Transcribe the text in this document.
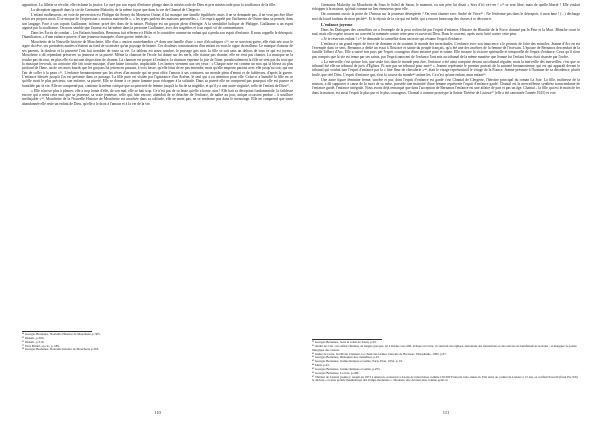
apparition. La fillette se révolte, elle réclame la justice. Le curé par son esprit d'enfance plonge dans la miséricorde de Dieu et prie miséricorde pour la souffrance de la fille.

La déception apparaît dans la vie de Germaine Malorthy de la même façon que dans la vie de Chantal de Clergerie.

L'enfant malheureux, en voie de perversion est Philippe dit Steeny du Monsieur Ouine, il lui manque une famille équilibrée, mais il ne se demande pas, il ne veut pas être libre selon ses propres mots. Il se moque de l'expression « maison maternelle », « les types parlent des maisons paternelles ». Cet esprit appelé par l'influence de Ouine dans sa pensée, dans son langage. Face à son copain Guillaume, infirme, privé des dons de la nature, Philippe est un garçon plein d'énergie. A la sensibilité ludique de Philippe, Guillaume a un esprit aiguisé par la souffrance. On nous semble que l'auteur est lui-même dans la personne Guillaume, avec des tragédies et à un esprit vif de commentaires.

Dans les Écrits de combat – Les Enfants humiliés, Bernanos fait référence à Hitler et le considère comme un enfant qui a perdu son esprit d'enfance. Il nous rappelle le désespoir, l'humiliation, « d'une enfance pauvre, d'une jeunesse manquée, d'une guerre imbécile ».

Mouchette de la Nouvelle histoire de Mouchette, fille d'un « ancien contrebandier »³⁴ dans une famille d'une « race d'alcooliques »³⁵, ne se souvient guère, elle était née sous le signe du rêve, ses premières années n'étaient au fond de sa misère qu'un paysage de brume. Ces douleurs connaissaient d'un enfant en vous le signe du malheur. Le manque d'amour de ses parents, la douleur et la pauvreté l'ont fait trembler de toute sa vie. Le tableau est assez sombre, le paysage gris noir, la fille se sait sans un dehors de tous ce qui est joyeux. Mouchette a dû cependant préserver sa jeunesse et sa pureté. Même la chanson de l'école lui donne sur les nerfs, elle n'aime pas chanter, elle ne veut pas chanter. La musique ne la touche pas du tout, en plus elle n'a aucune disposition de chanter. La chanson est propre à l'enfance, la chanson exprime la joie de l'âme, paradoxalement la fille ne sent pas du tout que la musique ferveuls, au contraire elle fait toute musique, d'une haine farouche, implacable. Les larmes viennent aux ses yeux : « Chaque note est comme un mot qui la blesse au plus profond de l'âme, un de ces mots lourds que les garçons lui jettent en passant, à voix basse, qu'elle feint de ne pas entendre, mais qu'elle emporte partout avec elle jusqu'au soir, qui ont l'air de coller à la peau »³⁶. L'enfance bernanosienne pas les rêves d'un monde qui ne peut offrir l'amour à ses créatures, un monde plein d'ennui et de faiblesses, d'après la guerre. L'enfance blessée jusqu'à l'os est présente dans ce passage. La fille pure est visitée par l'ignorance d'un Arsène, le seul qui a eu attention pour elle. Celui-ci a humilié la fille en ce qu'elle avait le plus précieux, son enfance, sa pureté. Elle se donne à ce jeune homme pour échapper à la solitude. Dans sa pureté elle ne comprend pas pourquoi elle est pauvre et humiliée par la vie. Elle ne comprend pas, continue la même critique que sa pauvreté de femme jusqu'à la fin de sa tragédie, et qu'il y a une autre virginité, celle de l'enfant de Dieu³⁷.

« Elle n'arrive plus à pleurer, elle a trop honte d'elle, de son mal, elle se hait trop. Ce n'est pas de sa faute qu'elle a honte, non ! Elle hait sa déception fondamentale, la faiblesse encore qui a senti cette nuit que sa jeunesse, sa vraie jeunesse, celle qui, hier encore, attendait de se détacher de l'enfance, de naître au jour, unique occasion perdue – à souillure ineffaçable »³⁸. Mouchette de la Nouvelle Histoire de Mouchette est arrachée dans sa solitude, elle ne ment pas, ne se renferme pas dans le mensonge. Elle ne comprend que toute abandonnée elle reste un enfant de Dieu, qu'elle a le droit à l'amour et à la vie de la vie.

³⁴ Georges Bernanos, Nouvelle Histoire de Mouchette, p.305.

³⁵ Ibidem., p.306.

³⁶ Ibidem., p.310.

³⁷ Yves Bridel, op.cit., p. 189.

³⁸ Georges Bernanos, Nouvelle histoire de Mouchette p.318.

110

Germaine Malorthy ou Mouchette du Sous le Soleil de Satan, le moment, ou son père lui disait « Sors d'ici va-t-en ! »³⁹ se sent libre, mais de quelle liberté ? Elle voulait échapper à la maison, qu'était comme un lieu ennuyeux pour elle.

On comment ouvrir la porte de l'Amour sur la jeunesse désespérée ? On veut chanter avec André de Vries⁴⁰ : Ne l'enferme pas dans le désespoir, ô mon âme ! (...) décharge moi du lourd fardeau de mon péché⁴¹. Et le réjouit de la vie qui est belle, qui a encore beaucoup des choses à te découvrir.

L'enfance joyeuse

Dans les Dialogues des carmélites on a l'exemple de la peur recherché par l'esprit d'enfance. Histoire de Blanche de la Force dominé par la Peur et la Mort. Blanche court le mal, mais elle espère trouver au couvent la nommée contre cette peur et survivait Dieu. Dans le couvent, après avoir lutté contre cette peur.

« Je te réservais enfant ! »⁴² Je demande la carmélite dans un texte qui résume l'esprit d'enfance.

L'enfance a un grand esprit de force de dominer et de soutenir le monde des incertitudes. L'enfance avec son innocence a le pouvoir de faire des miracles. Jeanne d'Arc en est l'exemple dans ce sens. Bernanos a dédié un essai à l'histoire et sainte du peuple français, qu'a été une des ancêtres de la femme de l'écrivain. L'épouse de Bernanos descendait de la famille Talbert d'Arc. Elle a sauvé son pays par l'esprit courageux d'une enfance pure et sainte. Elle incarne la victoire spirituelle et temporelle de l'esprit d'enfance. Ceux qu'il n'ont pas compris que la vie est tenue par ses saints, par l'esprit innocent de l'enfance l'ont mis au tribunal de la même manière que Jeanne fut l'enfant Jésus était chassée par l'ordre.

« La merveille c'est qu'une fois, une seule fois dans le monde peut être, l'enfance a été ainsi conquise devant un tribunal régulier, mais la merveille des merveilles, c'est que ce tribunal été elle un tribunal de juris d'Églises. Et non pas un tribunal pour moi⁴³ ». Jeanne représente le premier portrait de la sainteté bernanosienne, qui est qui apparaît devant le tribunal qui voulait tuer l'esprit d'enfance par la « fine fleur de chevalerie »⁴⁴, était le visage représentatif le visage de la France. Jeanne présente à l'homme de sa décadence, plutôt brulé, que réel Dieu. L'esprit d'enfance qui, n'est la course du monde⁴⁵ anime les. Ce n'est qu'une enfant, mon enfant⁴⁶.

Une autre figure féminine ferme, sincère et pur, dont l'esprit d'enfance est gardé c'est Chantal de Clergerie, l'héroïne principal du roman La Joie. La fille, maîtresse de la maison, a dû supporter à cause de la mort de sa mère, possède une maturité d'une femme représente l'esprit d'enfance gardé. Chantal est la merveilleuse synthèse transcendante de l'enfance gardé, l'enfance intégrale. Nous avons déjà remarqué que dans l'acception de Bernanos l'enfance est une affaire de pari et pas un âge. Chantal – la fille qui est le main de fer dans la maison, est aussi l'esprit le plus pur et le plus courageux. Chantal a comme prototype la Sainte Thérèse de Lisieux⁴⁷ (elle a été canonisée l'année 1925) et voir

³⁹ Georges Bernanos, Sous le soleil de Satan, p.29.

⁴⁰ André de Crie : un enfant chrétien, de langue grecque, né à Darius vers 660, évêque en Crète, il construit des églises, instaurant des monastères et des œuvres de bienfaisances sociales ; si inaugure la poésie liturgique des canons.

⁴¹ André de Crète, In Olivier Clément, Le chant des larmes, Desclée de Brouwer, Théophanie, 1982, p.67.

⁴² Georges Bernanos, Dialogues des carmélites, p.23.

⁴³ Georges Bernanos, Jeanne Relapse et sainte, Paris, Plon, 1934, p. 19.

⁴⁴ Idem, p.43.

⁴⁵ Georges Bernanos, Jeanne Relapse et sainte, p.255.

⁴⁶ Georges Bernanos, La Joie, p.298.

⁴⁷ Thérèse de Lisieux (sainte) : naquit en 1873 à Alençon, et mourut à 24 ans de tuberculose comme 150 000 Français cette année-là. Elle entra au carmel de Lisieux à 15 ans, se confiait Pascelli (futur Pie XII) la déclare « la plus grande thaumaturge des Temps modernes ». Modeste, elle devient plus connue après sa

111
